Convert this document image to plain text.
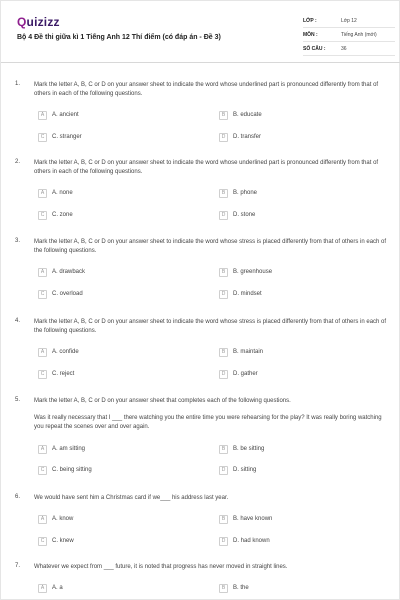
Quizizz
Bộ 4 Đề thi giữa kì 1 Tiếng Anh 12 Thí điểm (có đáp án - Đề 3)
LỚP :	Lớp 12
MÔN :	Tiếng Anh (mới)
SỐ CÂU :	36
1. Mark the letter A, B, C or D on your answer sheet to indicate the word whose underlined part is pronounced differently from that of others in each of the following questions.
A	A. ancient	B	B. educate
C	C. stranger	D	D. transfer
2. Mark the letter A, B, C or D on your answer sheet to indicate the word whose underlined part is pronounced differently from that of others in each of the following questions.
A	A. none	B	B. phone
C	C. zone	D	D. stone
3. Mark the letter A, B, C or D on your answer sheet to indicate the word whose stress is placed differently from that of others in each of the following questions.
A	A. drawback	B	B. greenhouse
C	C. overload	D	D. mindset
4. Mark the letter A, B, C or D on your answer sheet to indicate the word whose stress is placed differently from that of others in each of the following questions.
A	A. confide	B	B. maintain
C	C. reject	D	D. gather
5. Mark the letter A, B, C or D on your answer sheet that completes each of the following questions.
Was it really necessary that I ___ there watching you the entire time you were rehearsing for the play? It was really boring watching you repeat the scenes over and over again.
A	A. am sitting	B	B. be sitting
C	C. being sitting	D	D. sitting
6. We would have sent him a Christmas card if we___ his address last year.
A	A. know	B	B. have known
C	C. knew	D	D. had known
7. Whatever we expect from ___ future, it is noted that progress has never moved in straight lines.
A	A. a	B	B. the
